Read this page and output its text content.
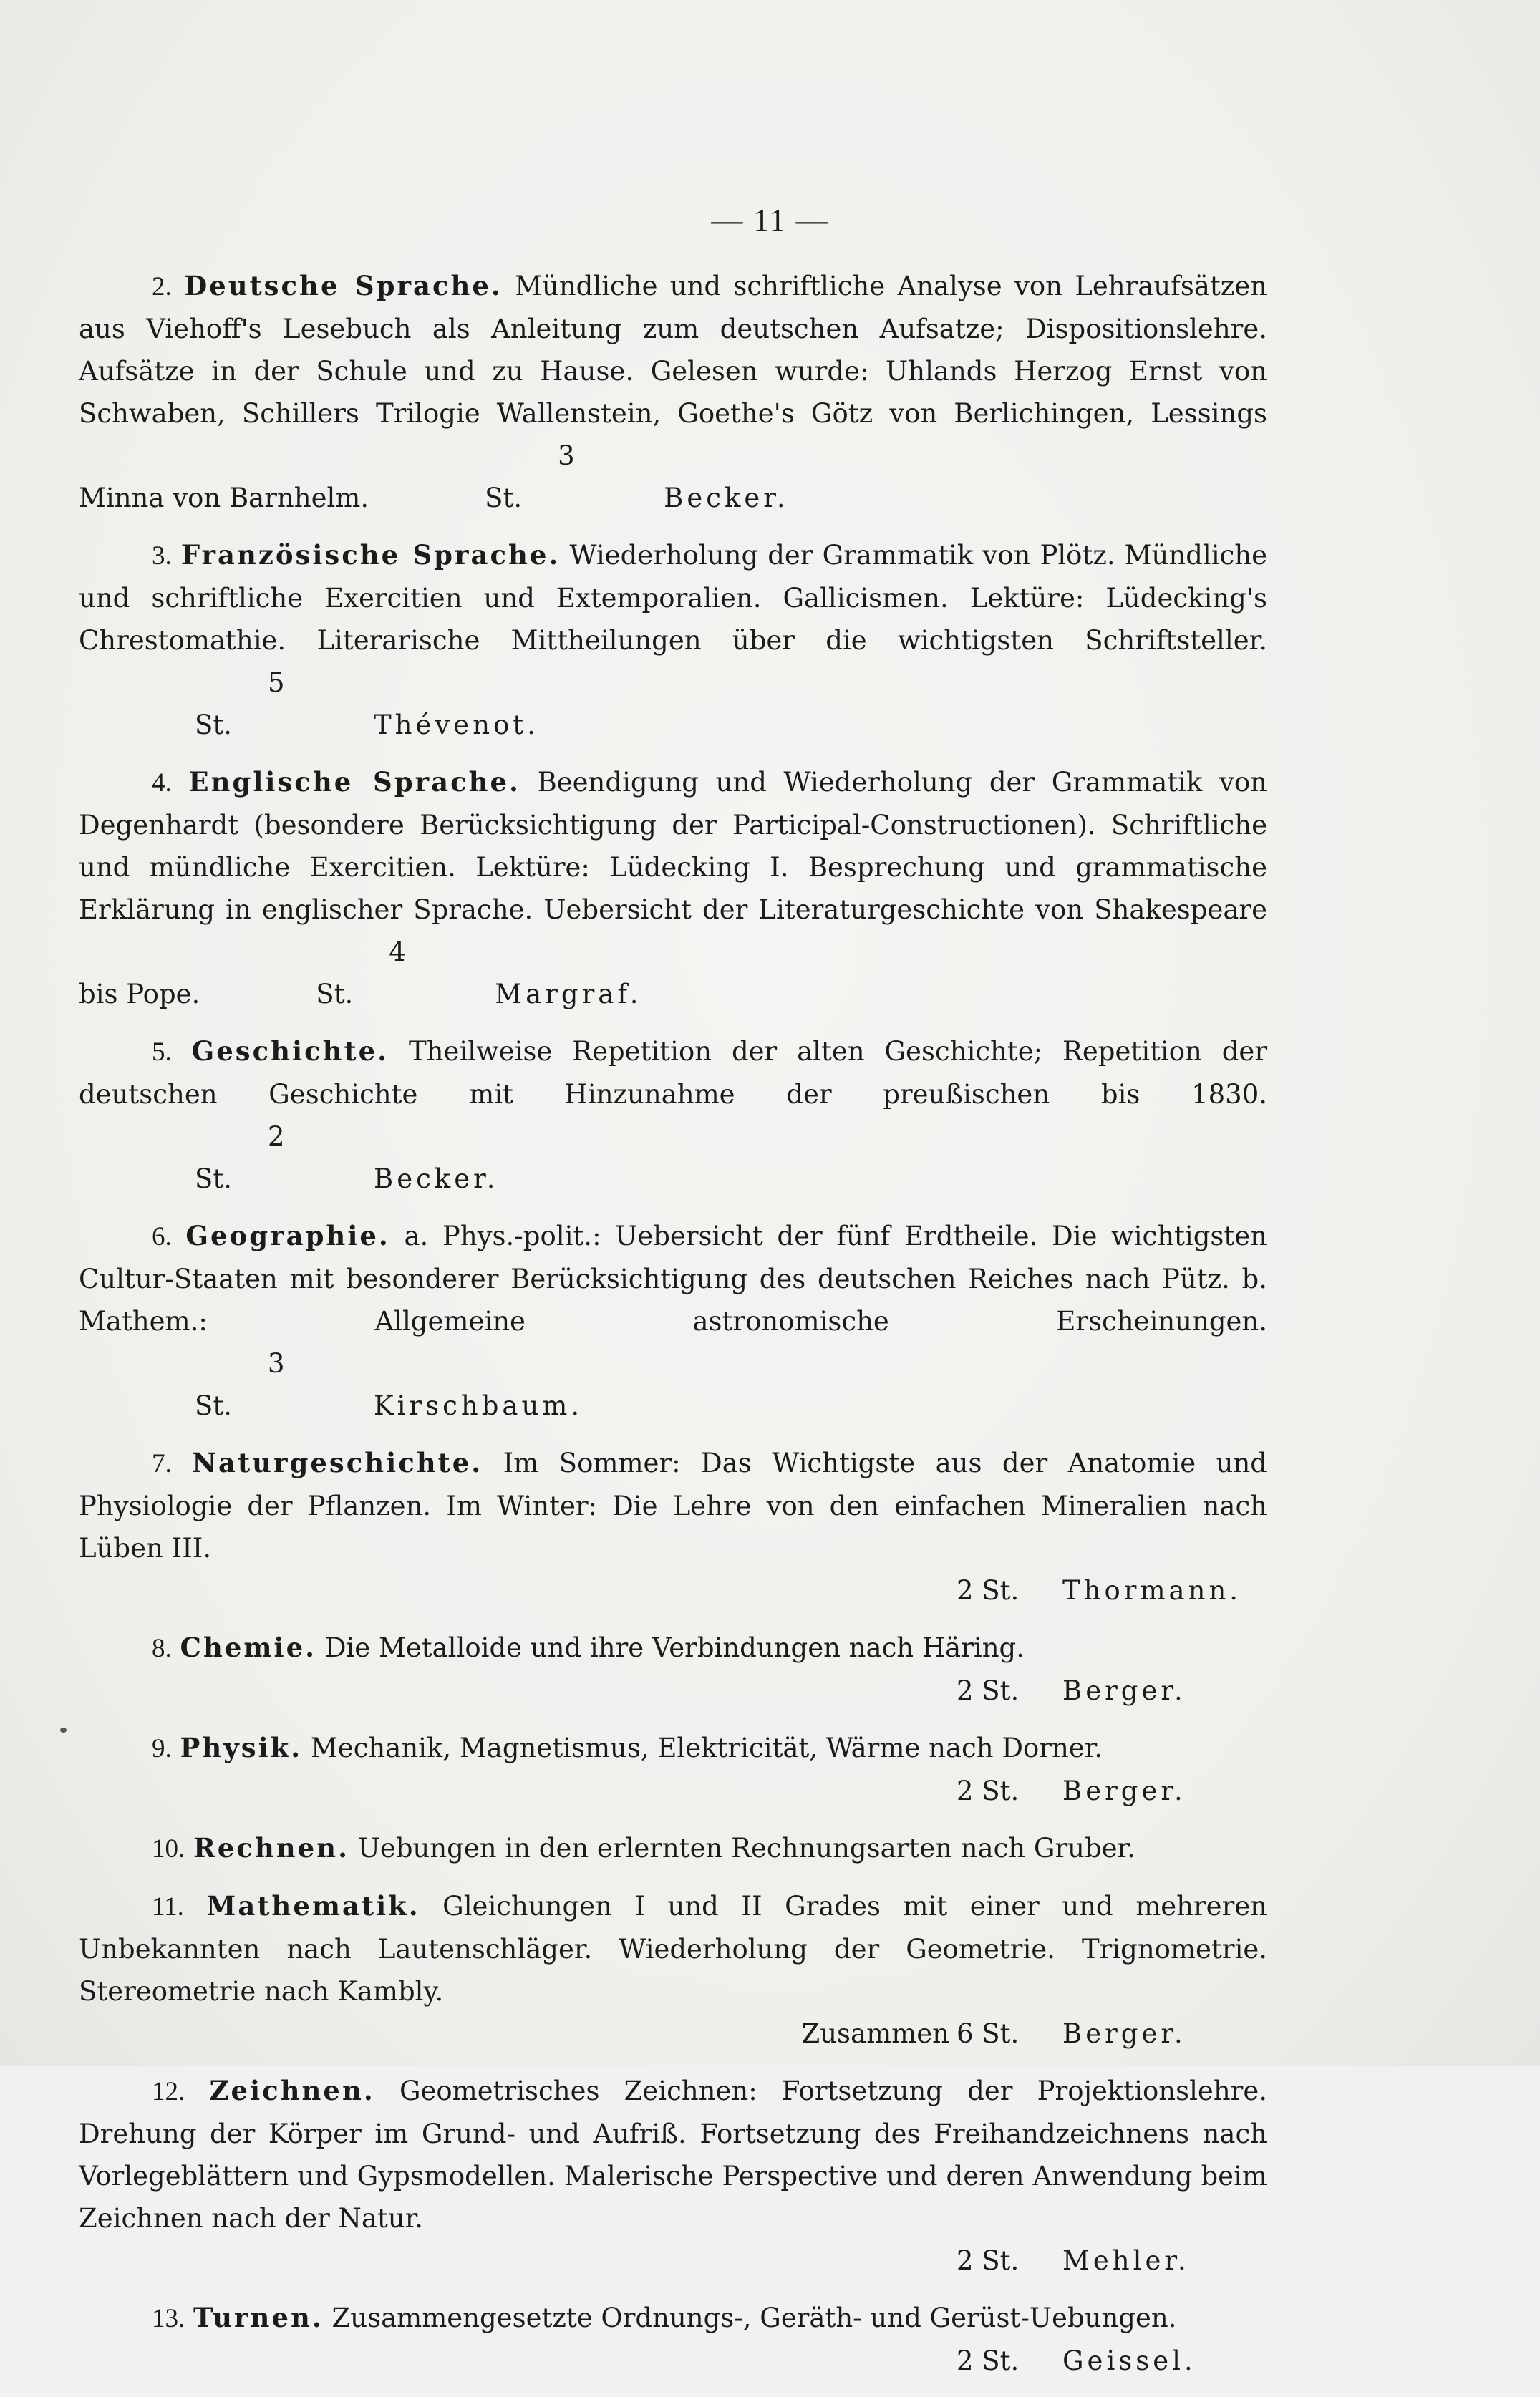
— 11 —

2. Deutsche Sprache. Mündliche und schriftliche Analyse von Lehraufsätzen aus Viehoff's Lesebuch als Anleitung zum deutschen Aufsatze; Dispositionslehre. Aufsätze in der Schule und zu Hause. Gelesen wurde: Uhlands Herzog Ernst von Schwaben, Schillers Trilogie Wallenstein, Goethe's Götz von Berlichingen, Lessings Minna von Barnhelm.3 St.	Becker.

3. Französische Sprache. Wiederholung der Grammatik von Plötz. Mündliche und schriftliche Exercitien und Extemporalien. Gallicismen. Lektüre: Lüdecking's Chrestomathie. Literarische Mittheilungen über die wichtigsten Schriftsteller.5 St.	Thévenot.

4. Englische Sprache. Beendigung und Wiederholung der Grammatik von Degenhardt (besondere Berücksichtigung der Participal-Constructionen). Schriftliche und mündliche Exercitien. Lektüre: Lüdecking I. Besprechung und grammatische Erklärung in englischer Sprache. Uebersicht der Literaturgeschichte von Shakespeare bis Pope.4 St.	Margraf.

5. Geschichte. Theilweise Repetition der alten Geschichte; Repetition der deutschen Geschichte mit Hinzunahme der preußischen bis 1830.2 St.	Becker.

6. Geographie. a. Phys.-polit.: Uebersicht der fünf Erdtheile. Die wichtigsten Cultur-Staaten mit besonderer Berücksichtigung des deutschen Reiches nach Pütz. b. Mathem.: Allgemeine astronomische Erscheinungen.3 St.	Kirschbaum.

7. Naturgeschichte. Im Sommer: Das Wichtigste aus der Anatomie und Physiologie der Pflanzen. Im Winter: Die Lehre von den einfachen Mineralien nach Lüben III.

2 St.	Thormann.

8. Chemie. Die Metalloide und ihre Verbindungen nach Häring.

2 St.	Berger.

9. Physik. Mechanik, Magnetismus, Elektricität, Wärme nach Dorner.

2 St.	Berger.

10. Rechnen. Uebungen in den erlernten Rechnungsarten nach Gruber.

11. Mathematik. Gleichungen I und II Grades mit einer und mehreren Unbekannten nach Lautenschläger. Wiederholung der Geometrie. Trignometrie. Stereometrie nach Kambly.

Zusammen 6 St.	Berger.

12. Zeichnen. Geometrisches Zeichnen: Fortsetzung der Projektionslehre. Drehung der Körper im Grund- und Aufriß. Fortsetzung des Freihandzeichnens nach Vorlegeblättern und Gypsmodellen. Malerische Perspective und deren Anwendung beim Zeichnen nach der Natur.

2 St.	Mehler.

13. Turnen. Zusammengesetzte Ordnungs-, Geräth- und Gerüst-Uebungen.

2 St.	Geissel.
